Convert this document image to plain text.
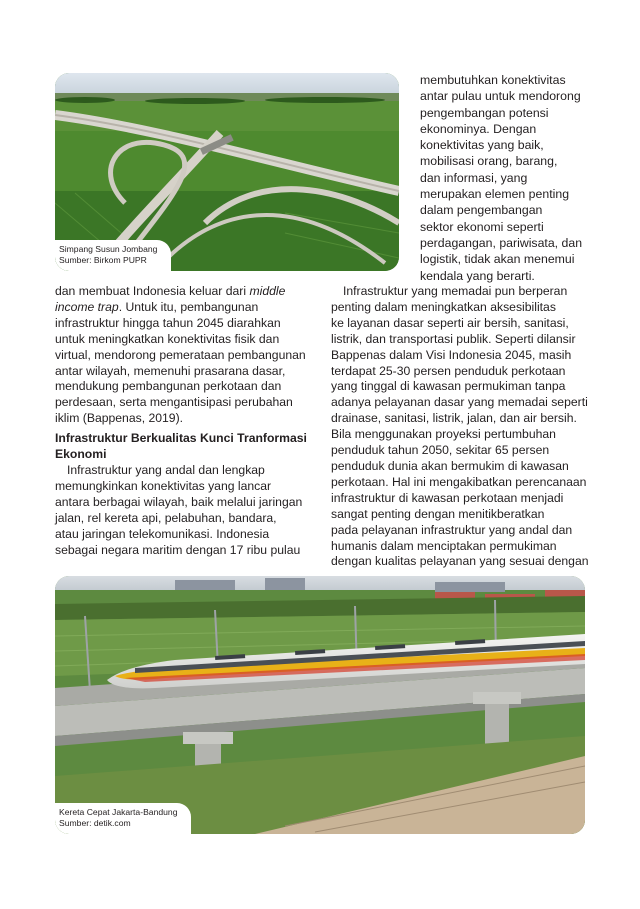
Simpang Susun Jombang
Sumber: Birkom PUPR

membutuhkan konektivitas

antar pulau untuk mendorong

pengembangan potensi

ekonominya. Dengan

konektivitas yang baik,

mobilisasi orang, barang,

dan informasi, yang

merupakan elemen penting

dalam pengembangan

sektor ekonomi seperti

perdagangan, pariwisata, dan

logistik, tidak akan menemui

kendala yang berarti.

dan membuat Indonesia keluar dari middle

income trap. Untuk itu, pembangunan

infrastruktur hingga tahun 2045 diarahkan

untuk meningkatkan konektivitas fisik dan

virtual, mendorong pemerataan pembangunan

antar wilayah, memenuhi prasarana dasar,

mendukung pembangunan perkotaan dan

perdesaan, serta mengantisipasi perubahan

iklim (Bappenas, 2019).

Infrastruktur Berkualitas Kunci Tranformasi

Ekonomi

Infrastruktur yang andal dan lengkap

memungkinkan konektivitas yang lancar

antara berbagai wilayah, baik melalui jaringan

jalan, rel kereta api, pelabuhan, bandara,

atau jaringan telekomunikasi. Indonesia

sebagai negara maritim dengan 17 ribu pulau

Infrastruktur yang memadai pun berperan

penting dalam meningkatkan aksesibilitas

ke layanan dasar seperti air bersih, sanitasi,

listrik, dan transportasi publik. Seperti dilansir

Bappenas dalam Visi Indonesia 2045, masih

terdapat 25-30 persen penduduk perkotaan

yang tinggal di kawasan permukiman tanpa

adanya pelayanan dasar yang memadai seperti

drainase, sanitasi, listrik, jalan, dan air bersih.

Bila menggunakan proyeksi pertumbuhan

penduduk tahun 2050, sekitar 65 persen

penduduk dunia akan bermukim di kawasan

perkotaan. Hal ini mengakibatkan perencanaan

infrastruktur di kawasan perkotaan menjadi

sangat penting dengan menitikberatkan

pada pelayanan infrastruktur yang andal dan

humanis dalam menciptakan permukiman

dengan kualitas pelayanan yang sesuai dengan

Kereta Cepat Jakarta-Bandung
Sumber: detik.com
